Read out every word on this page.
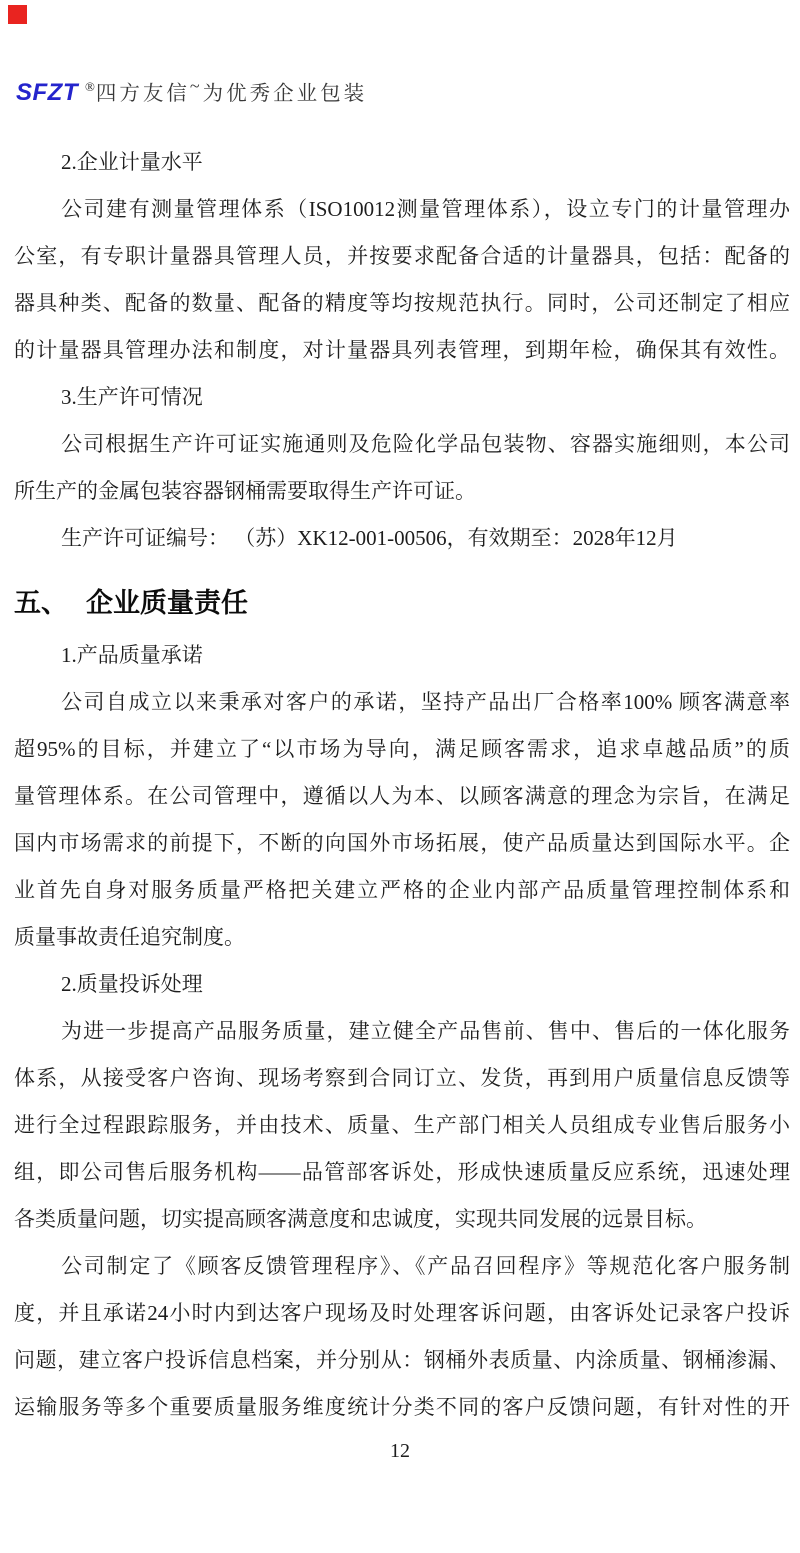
SFZT ®四方友信~为优秀企业包装
2.企业计量水平
公司建有测量管理体系（ISO10012测量管理体系），设立专门的计量管理办
公室，有专职计量器具管理人员，并按要求配备合适的计量器具，包括：配备的
器具种类、配备的数量、配备的精度等均按规范执行。同时，公司还制定了相应
的计量器具管理办法和制度，对计量器具列表管理，到期年检，确保其有效性。
3.生产许可情况
公司根据生产许可证实施通则及危险化学品包装物、容器实施细则，本公司
所生产的金属包装容器钢桶需要取得生产许可证。
生产许可证编号： （苏）XK12-001-00506，有效期至：2028年12月
五、 企业质量责任
1.产品质量承诺
公司自成立以来秉承对客户的承诺，坚持产品出厂合格率100% 顾客满意率
超95%的目标，并建立了“以市场为导向，满足顾客需求，追求卓越品质”的质
量管理体系。在公司管理中，遵循以人为本、以顾客满意的理念为宗旨，在满足
国内市场需求的前提下，不断的向国外市场拓展，使产品质量达到国际水平。企
业首先自身对服务质量严格把关建立严格的企业内部产品质量管理控制体系和
质量事故责任追究制度。
2.质量投诉处理
为进一步提高产品服务质量，建立健全产品售前、售中、售后的一体化服务
体系，从接受客户咨询、现场考察到合同订立、发货，再到用户质量信息反馈等
进行全过程跟踪服务，并由技术、质量、生产部门相关人员组成专业售后服务小
组，即公司售后服务机构——品管部客诉处，形成快速质量反应系统，迅速处理
各类质量问题，切实提高顾客满意度和忠诚度，实现共同发展的远景目标。
公司制定了《顾客反馈管理程序》、《产品召回程序》等规范化客户服务制
度，并且承诺24小时内到达客户现场及时处理客诉问题，由客诉处记录客户投诉
问题，建立客户投诉信息档案，并分别从：钢桶外表质量、内涂质量、钢桶渗漏、
运输服务等多个重要质量服务维度统计分类不同的客户反馈问题，有针对性的开
12
